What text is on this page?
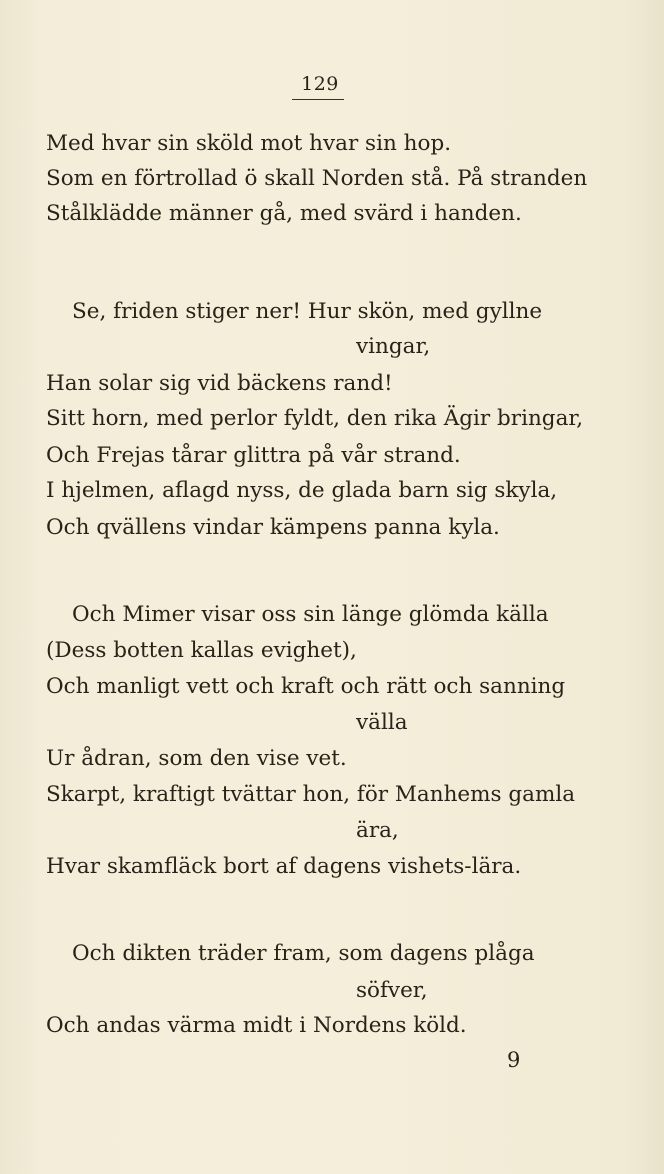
129
Med hvar sin sköld mot hvar sin hop.
Som en förtrollad ö skall Norden stå. På stranden
Stålklädde männer gå, med svärd i handen.
Se, friden stiger ner! Hur skön, med gyllne
vingar,
Han solar sig vid bäckens rand!
Sitt horn, med perlor fyldt, den rika Ägir bringar,
Och Frejas tårar glittra på vår strand.
I hjelmen, aflagd nyss, de glada barn sig skyla,
Och qvällens vindar kämpens panna kyla.
Och Mimer visar oss sin länge glömda källa
(Dess botten kallas evighet),
Och manligt vett och kraft och rätt och sanning
välla
Ur ådran, som den vise vet.
Skarpt, kraftigt tvättar hon, för Manhems gamla
ära,
Hvar skamfläck bort af dagens vishets-lära.
Och dikten träder fram, som dagens plåga
söfver,
Och andas värma midt i Nordens köld.
9
